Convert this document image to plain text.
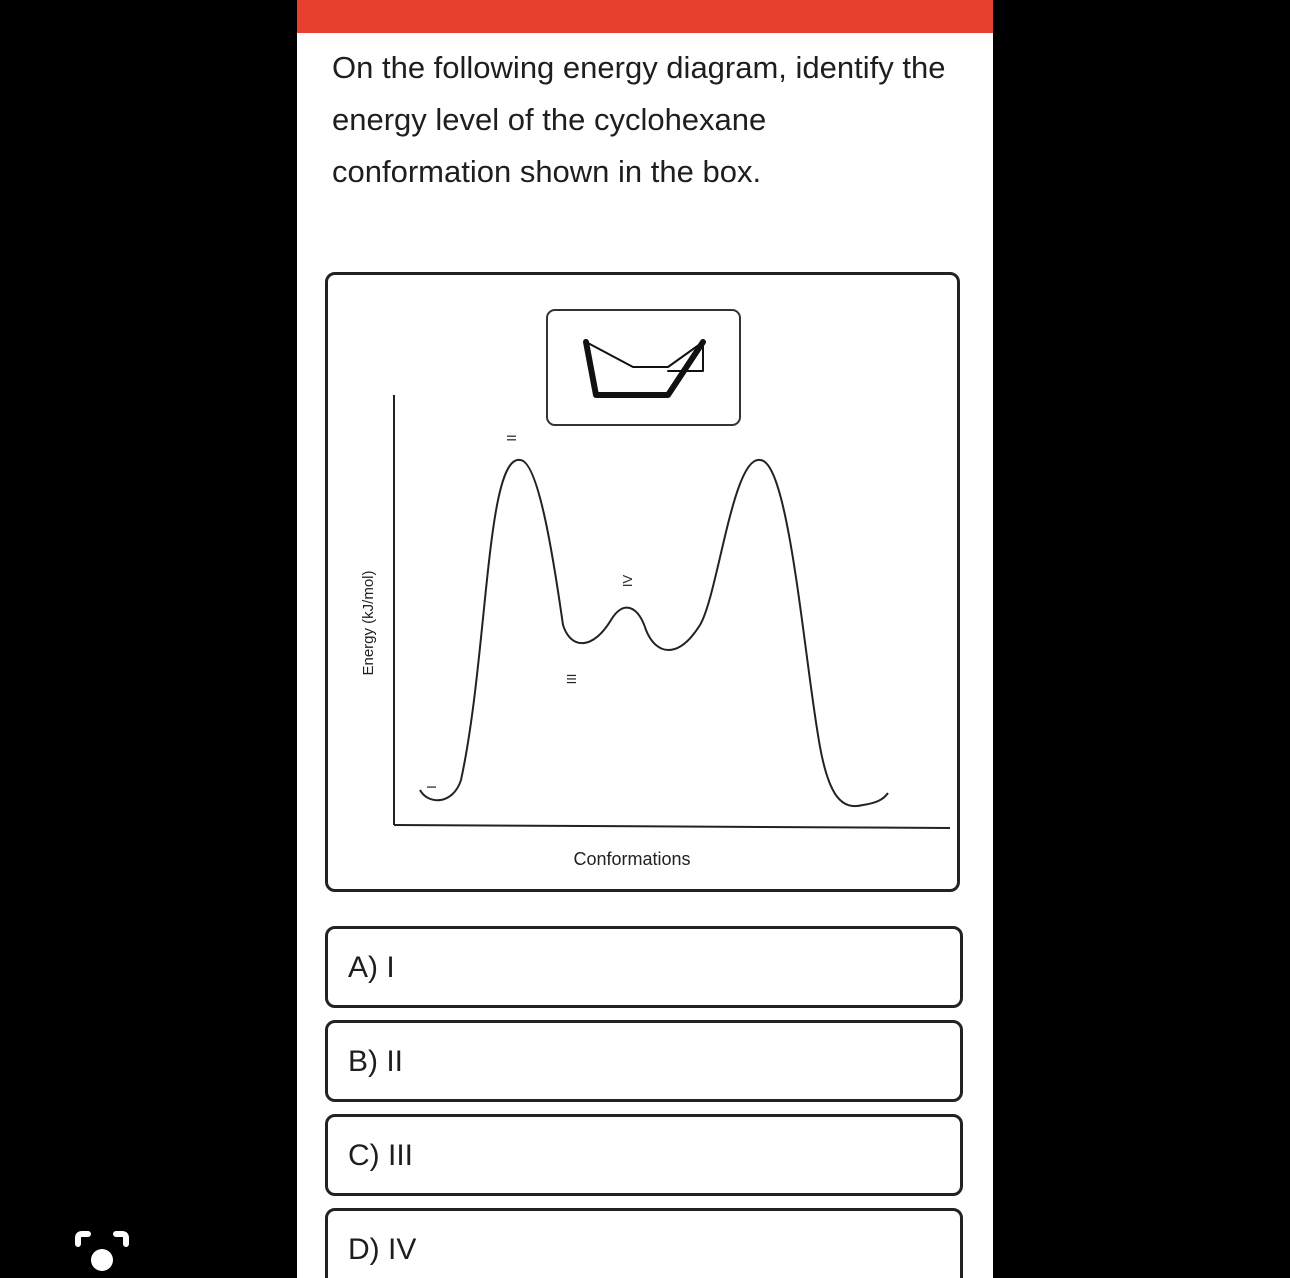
On the following energy diagram, identify the energy level of the cyclohexane conformation shown in the box.

Energy (kJ/mol)
Conformations
I
II
III
IV
A) I
B) II
C) III
D) IV
